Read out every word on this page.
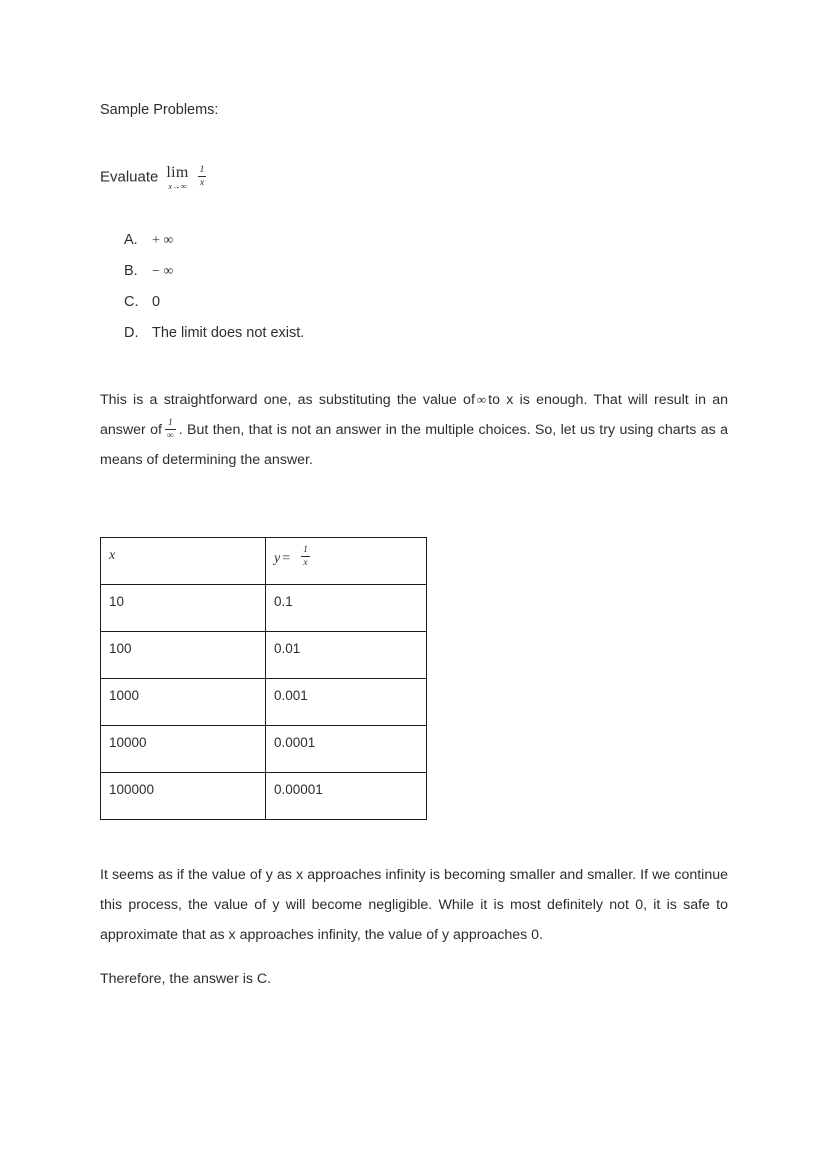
Sample Problems:

Evaluate lim
$x\to\infty \frac{1}{x}$
A. + ∞
B. − ∞
C. 0
D. The limit does not exist.

This is a straightforward one, as substituting the value of ∞ to x is enough. That will result in an answer of $\frac{1}{\infty}$ . But then, that is not an answer in the multiple choices. So, let us try using charts as a means of determining the answer.

x	$y = \frac{1}{x}$

10	0.1
100	0.01
1000	0.001
10000	0.0001
100000	0.00001

It seems as if the value of y as x approaches infinity is becoming smaller and smaller. If we continue this process, the value of y will become negligible. While it is most definitely not 0, it is safe to approximate that as x approaches infinity, the value of y approaches 0.

Therefore, the answer is C.
